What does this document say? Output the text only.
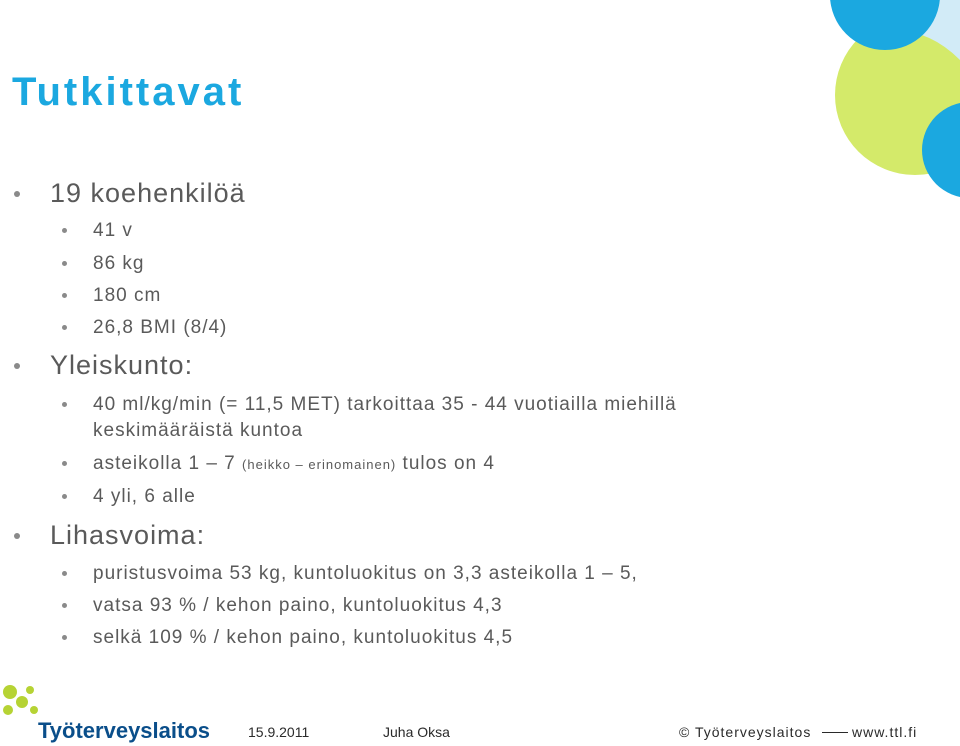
Tutkittavat

19 koehenkilöä

41 v

86 kg

180 cm

26,8 BMI (8/4)

Yleiskunto:

40 ml/kg/min (= 11,5 MET) tarkoittaa 35 - 44 vuotiailla miehillä
keskimääräistä kuntoa

asteikolla 1 – 7 (heikko – erinomainen) tulos on 4

4 yli, 6 alle

Lihasvoima:

puristusvoima 53 kg, kuntoluokitus on 3,3 asteikolla 1 – 5,

vatsa 93 % / kehon paino, kuntoluokitus 4,3

selkä 109 % / kehon paino, kuntoluokitus 4,5

Työterveyslaitos	15.9.2011	Juha Oksa	© Työterveyslaitos	www.ttl.fi
